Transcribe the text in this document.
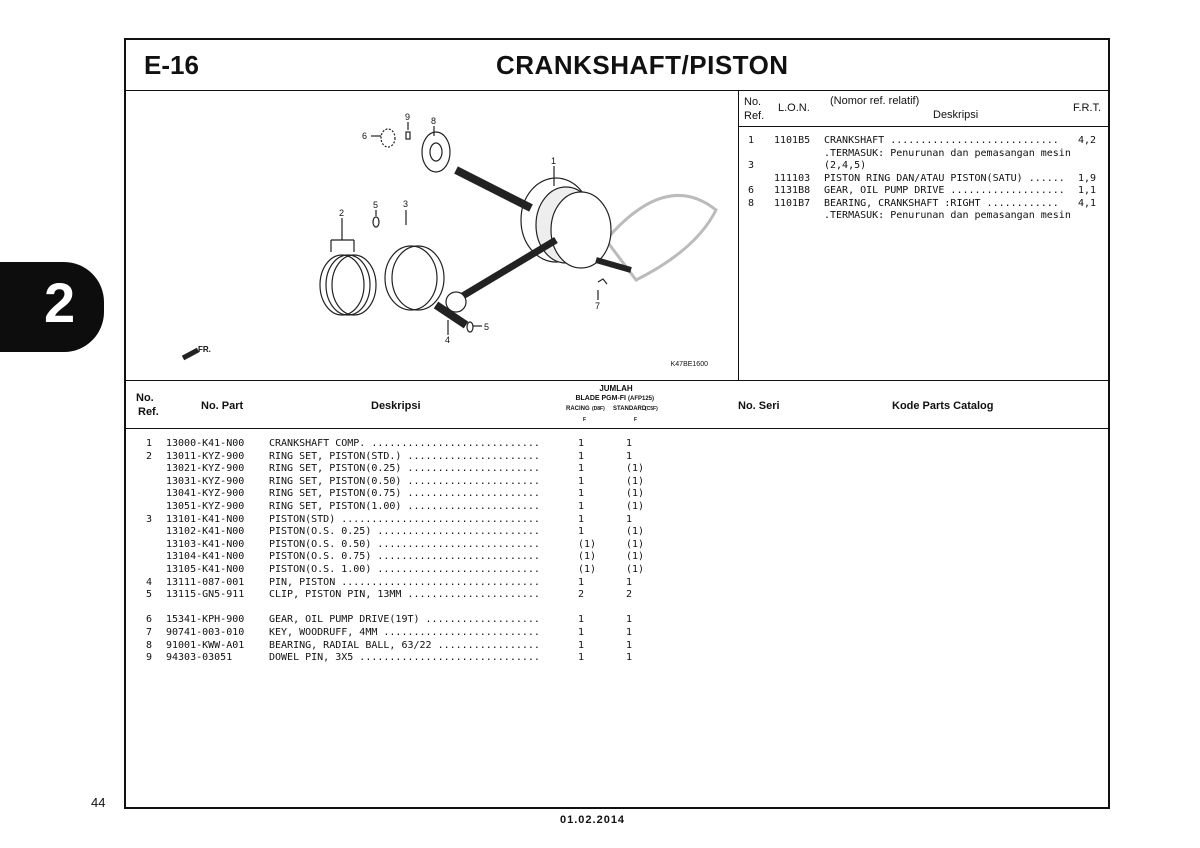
2
44
01.02.2014
E-16	CRANKSHAFT/PISTON
1
2
3
4
5
5
6
7
8
9
FR.
K47BE1600
No.
Ref.
L.O.N.
(Nomor ref. relatif)
Deskripsi
F.R.T.
1 1101B5 CRANKSHAFT ............................ 4,2
.TERMASUK: Penurunan dan pemasangan mesin
3	(2,4,5)
111103 PISTON RING DAN/ATAU PISTON(SATU) ...... 1,9
6 1131B8 GEAR, OIL PUMP DRIVE ................... 1,1
8 1101B7 BEARING, CRANKSHAFT :RIGHT ............ 4,1
.TERMASUK: Penurunan dan pemasangan mesin
No.
Ref.	No. Part	Deskripsi
JUMLAH
BLADE PGM-FI (AFP125)
RACING (D8F) STANDARD
(C5F)
F	F
No. Seri	Kode Parts Catalog
1 13000-K41-N00 CRANKSHAFT COMP. ............................	1	1
2 13011-KYZ-900 RING SET, PISTON(STD.) ......................	1	1
13021-KYZ-900 RING SET, PISTON(0.25) ......................	1	(1)
13031-KYZ-900 RING SET, PISTON(0.50) ......................	1	(1)
13041-KYZ-900 RING SET, PISTON(0.75) ......................	1	(1)
13051-KYZ-900 RING SET, PISTON(1.00) ......................	1	(1)
3 13101-K41-N00 PISTON(STD) .................................	1	1
13102-K41-N00 PISTON(O.S. 0.25) ...........................	1	(1)
13103-K41-N00 PISTON(O.S. 0.50) ...........................	(1)	(1)
13104-K41-N00 PISTON(O.S. 0.75) ...........................	(1)	(1)
13105-K41-N00 PISTON(O.S. 1.00) ...........................	(1)	(1)
4 13111-087-001 PIN, PISTON .................................	1	1
5 13115-GN5-911 CLIP, PISTON PIN, 13MM ......................	2	2
6 15341-KPH-900 GEAR, OIL PUMP DRIVE(19T) ...................	1	1
7 90741-003-010 KEY, WOODRUFF, 4MM ..........................	1	1
8 91001-KWW-A01 BEARING, RADIAL BALL, 63/22 .................	1	1
9 94303-03051	DOWEL PIN, 3X5 ..............................	1	1
